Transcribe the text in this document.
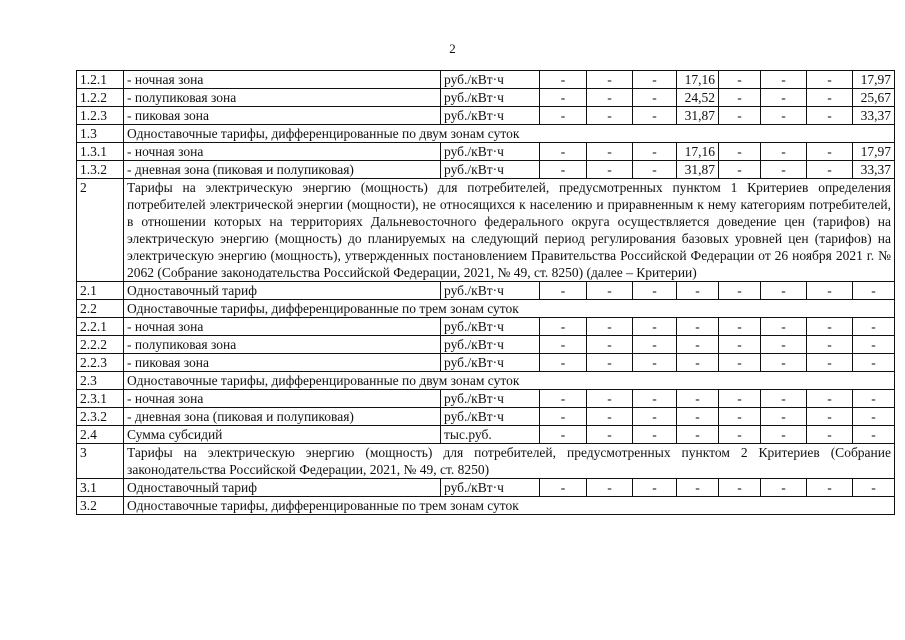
2
1.2.1	- ночная зона	руб./кВт·ч	-	-	-	17,16	-	-	-	17,97
1.2.2	- полупиковая зона	руб./кВт·ч	-	-	-	24,52	-	-	-	25,67
1.2.3	- пиковая зона	руб./кВт·ч	-	-	-	31,87	-	-	-	33,37
1.3	Одноставочные тарифы, дифференцированные по двум зонам суток									
1.3.1	- ночная зона	руб./кВт·ч	-	-	-	17,16	-	-	-	17,97
1.3.2	- дневная зона (пиковая и полупиковая)	руб./кВт·ч	-	-	-	31,87	-	-	-	33,37
2	Тарифы на электрическую энергию (мощность) для потребителей, предусмотренных пунктом 1 Критериев определения потребителей электрической энергии (мощности), не относящихся к населению и приравненным к нему категориям потребителей, в отношении которых на территориях Дальневосточного федерального округа осуществляется доведение цен (тарифов) на электрическую энергию (мощность) до планируемых на следующий период регулирования базовых уровней цен (тарифов) на электрическую энергию (мощность), утвержденных постановлением Правительства Российской Федерации от 26 ноября 2021 г. № 2062 (Собрание законодательства Российской Федерации, 2021, № 49, ст. 8250) (далее – Критерии)									
2.1	Одноставочный тариф	руб./кВт·ч	-	-	-	-	-	-	-	-
2.2	Одноставочные тарифы, дифференцированные по трем зонам суток									
2.2.1	- ночная зона	руб./кВт·ч	-	-	-	-	-	-	-	-
2.2.2	- полупиковая зона	руб./кВт·ч	-	-	-	-	-	-	-	-
2.2.3	- пиковая зона	руб./кВт·ч	-	-	-	-	-	-	-	-
2.3	Одноставочные тарифы, дифференцированные по двум зонам суток									
2.3.1	- ночная зона	руб./кВт·ч	-	-	-	-	-	-	-	-
2.3.2	- дневная зона (пиковая и полупиковая)	руб./кВт·ч	-	-	-	-	-	-	-	-
2.4	Сумма субсидий	тыс.руб.	-	-	-	-	-	-	-	-
3	Тарифы на электрическую энергию (мощность) для потребителей, предусмотренных пунктом 2 Критериев (Собрание законодательства Российской Федерации, 2021, № 49, ст. 8250)									
3.1	Одноставочный тариф	руб./кВт·ч	-	-	-	-	-	-	-	-
3.2	Одноставочные тарифы, дифференцированные по трем зонам суток									
